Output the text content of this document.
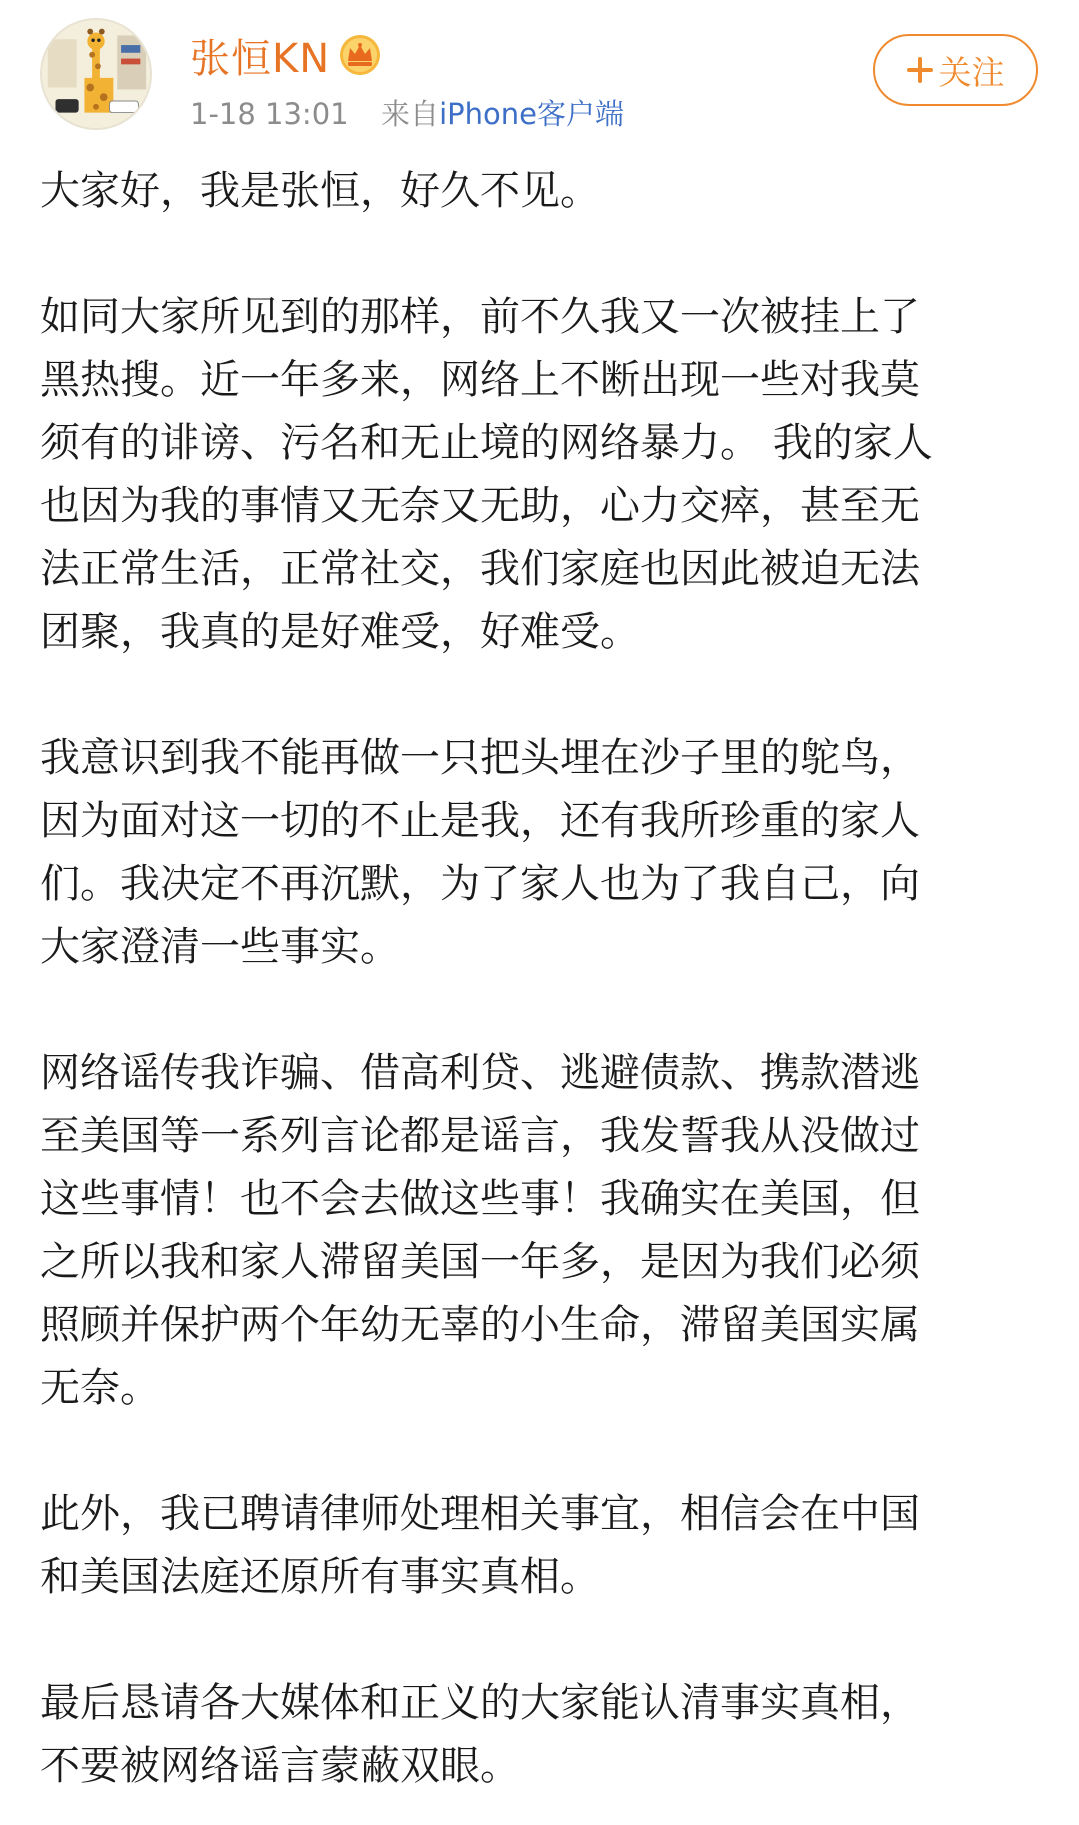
张恒KN
1-18 13:01 来自iPhone客户端
关注

大家好，我是张恒，好久不见。

如同大家所见到的那样，前不久我又一次被挂上了
黑热搜。近一年多来，网络上不断出现一些对我莫
须有的诽谤、污名和无止境的网络暴力。 我的家人
也因为我的事情又无奈又无助，心力交瘁，甚至无
法正常生活，正常社交，我们家庭也因此被迫无法
团聚，我真的是好难受，好难受。

我意识到我不能再做一只把头埋在沙子里的鸵鸟，
因为面对这一切的不止是我，还有我所珍重的家人
们。我决定不再沉默，为了家人也为了我自己，向
大家澄清一些事实。

网络谣传我诈骗、借高利贷、逃避债款、携款潜逃
至美国等一系列言论都是谣言，我发誓我从没做过
这些事情！也不会去做这些事！我确实在美国，但
之所以我和家人滞留美国一年多，是因为我们必须
照顾并保护两个年幼无辜的小生命，滞留美国实属
无奈。

此外，我已聘请律师处理相关事宜，相信会在中国
和美国法庭还原所有事实真相。

最后恳请各大媒体和正义的大家能认清事实真相，
不要被网络谣言蒙蔽双眼。
